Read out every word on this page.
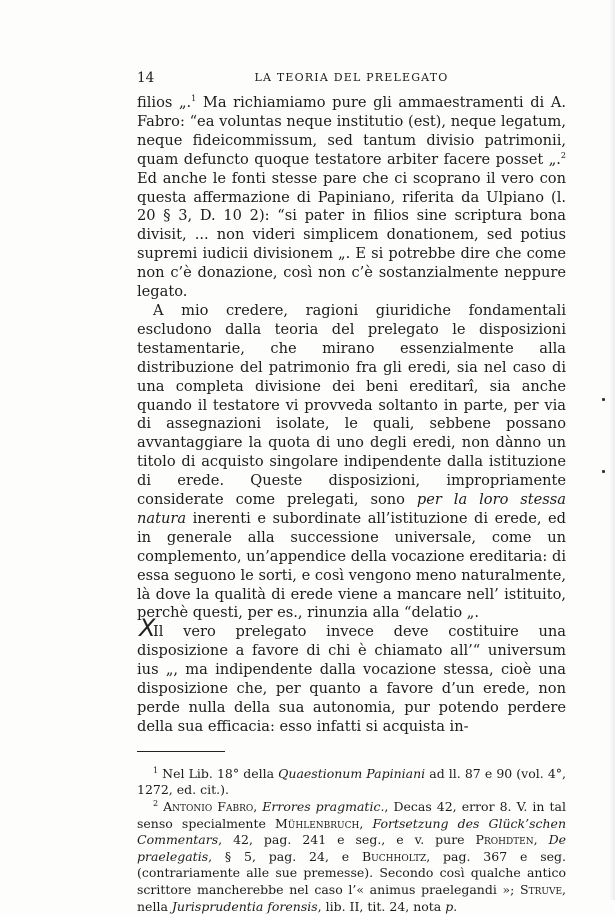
14	LA TEORIA DEL PRELEGATO

filios „.$^1$ Ma richiamiamo pure gli ammaestramenti di A. Fabro: “ea voluntas neque institutio (est), neque legatum, neque fideicommissum, sed tantum divisio patrimonii, quam defuncto quoque testatore arbiter facere posset „.$^2$ Ed anche le fonti stesse pare che ci scoprano il vero con questa affermazione di Papiniano, riferita da Ulpiano (l. 20 § 3, D. 10 2): “si pater in filios sine scriptura bona divisit, ... non videri simplicem donationem, sed potius supremi iudicii divisionem „. E si potrebbe dire che come non c’è donazione, così non c’è sostanzialmente neppure legato.

A mio credere, ragioni giuridiche fondamentali escludono dalla teoria del prelegato le disposizioni testamentarie, che mirano essenzialmente alla distribuzione del patrimonio fra gli eredi, sia nel caso di una completa divisione dei beni ereditarî, sia anche quando il testatore vi provveda soltanto in parte, per via di assegnazioni isolate, le quali, sebbene possano avvantaggiare la quota di uno degli eredi, non dànno un titolo di acquisto singolare indipendente dalla istituzione di erede. Queste disposizioni, impropriamente considerate come prelegati, sono per la loro stessa natura inerenti e subordinate all’istituzione di erede, ed in generale alla successione universale, come un complemento, un’appendice della vocazione ereditaria: di essa seguono le sorti, e così vengono meno naturalmente, là dove la qualità di erede viene a mancare nell’ istituito, perchè questi, per es., rinunzia alla “delatio „.

X
Il vero prelegato invece deve costituire una disposizione a favore di chi è chiamato all’“ universum ius „, ma indipendente dalla vocazione stessa, cioè una disposizione che, per quanto a favore d’un erede, non perde nulla della sua autonomia, pur potendo perdere della sua efficacia: esso infatti si acquista in-

$^1$ Nel Lib. 18° della Quaestionum Papiniani ad ll. 87 e 90 (vol. 4°, 1272, ed. cit.).

$^2$ Antonio Fabro, Errores pragmatic., Decas 42, error 8. V. in tal senso specialmente Mühlenbruch, Fortsetzung des Glück’schen Commentars, 42, pag. 241 e seg., e v. pure Prohdten, De praelegatis, § 5, pag. 24, e Buchholtz, pag. 367 e seg. (contrariamente alle sue premesse). Secondo così qualche antico scrittore mancherebbe nel caso l’« animus praelegandi »; Struve, nella Jurisprudentia forensis, lib. II, tit. 24, nota p.
